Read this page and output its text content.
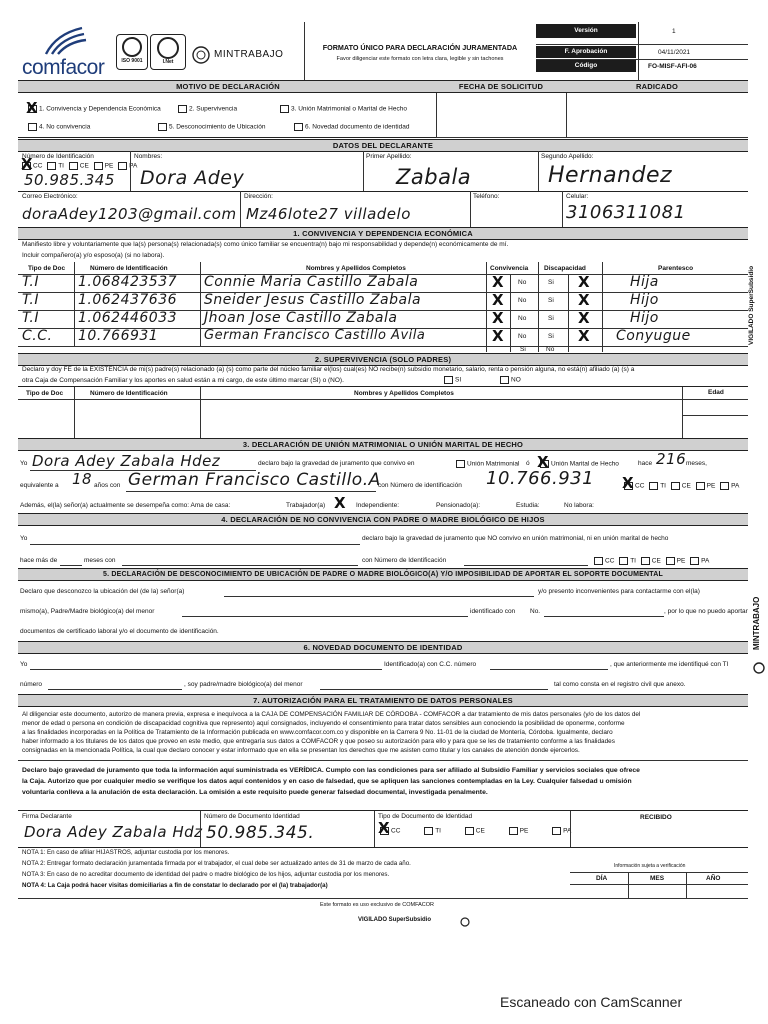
comfacor	ISO 9001	I.Net
MINTRABAJO
FORMATO ÚNICO PARA DECLARACIÓN JURAMENTADA
Favor diligenciar este formato con letra clara, legible y sin tachones
Versión	1
F. Aprobación	04/11/2021
Código	FO-MISF-AFI-06
MOTIVO DE DECLARACIÓN	FECHA DE SOLICITUD	RADICADO
1. Convivencia y Dependencia Económica
X	2. Supervivencia	3. Unión Matrimonial o Marital de Hecho
4. No convivencia	5. Desconocimiento de Ubicación	6. Novedad documento de identidad
DATOS DEL DECLARANTE
Número de Identificación
CC TI CE PE PA
X
50.985.345
Nombres:
Dora Adey
Primer Apellido:
Zabala
Segundo Apellido:
Hernandez
Correo Electrónico:
doraAdey1203@gmail.com
Dirección:
Mz46lote27 villadelo
Teléfono:	Celular:
3106311081
1. CONVIVENCIA Y DEPENDENCIA ECONÓMICA
Manifiesto libre y voluntariamente que la(s) persona(s) relacionada(s) como único familiar se encuentra(n) bajo mi responsabilidad y depende(n) económicamente de mí.
Incluir compañero(a) y/o esposo(a) (si no labora).
Tipo de Doc	Número de Identificación	Nombres y Apellidos Completos	Convivencia Discapacidad	Parentesco
T.I	1.068423537 Connie Maria Castillo Zabala	X No	Si X	Hija
T.I	1.062437636 Sneider Jesus Castillo Zabala	X No	Si X	Hijo
T.I	1.062446033 Jhoan Jose Castillo Zabala	X No	Si X	Hijo
C.C. 10.766931	German Francisco Castillo Avila	X No	Si X Conyugue
Si	No
2. SUPERVIVENCIA (SOLO PADRES)
Declaro y doy FE de la EXISTENCIA de mi(s) padre(s) relacionado (a) (s) como parte del núcleo familiar el(los) cual(es) NO recibe(n) subsidio monetario, salario, renta o pensión alguna, no está(n) afiliado (a) (s) a
otra Caja de Compensación Familiar y los aportes en salud están a mi cargo, de este último marcar (SI) o (NO).	SI	NO
Tipo de Doc	Número de Identificación	Nombres y Apellidos Completos	Edad
3. DECLARACIÓN DE UNIÓN MATRIMONIAL O UNIÓN MARITAL DE HECHO
Yo Dora Adey Zabala Hdez	declaro bajo la gravedad de juramento que convivo en	Unión Matrimonial ó	Unión Marital de Hecho
X	hace 216 meses,
equivalente a 18 años con German Francisco Castillo.A
con Número de identificación 10.766.931	CC TI CE PE PA
X
Además, el(la) señor(a) actualmente se desempeña como: Ama de casa:	Trabajador(a) X Independiente:	Pensionado(a):	Estudia:	No labora:
4. DECLARACIÓN DE NO CONVIVENCIA CON PADRE O MADRE BIOLÓGICO DE HIJOS
Yo	declaro bajo la gravedad de juramento que NO convivo en unión matrimonial, ni en unión marital de hecho
hace más de	meses con	con Número de Identificación	CC TI CE PE PA
5. DECLARACIÓN DE DESCONOCIMIENTO DE UBICACIÓN DE PADRE O MADRE BIOLÓGICO(A) Y/O IMPOSIBILIDAD DE APORTAR EL SOPORTE DOCUMENTAL
Declaro que desconozco la ubicación del (de la) señor(a)	y/o presento inconvenientes para contactarme con el(la)
mismo(a), Padre/Madre biológico(a) del menor	identificado con No.	, por lo que no puedo aportar
documentos de certificado laboral y/o el documento de identificación.
6. NOVEDAD DOCUMENTO DE IDENTIDAD
Yo	Identificado(a) con C.C. número	, que anteriormente me identifiqué con TI
número	, soy padre/madre biológico(a) del menor	tal como consta en el registro civil que anexo.
7. AUTORIZACIÓN PARA EL TRATAMIENTO DE DATOS PERSONALES
Al diligenciar este documento, autorizo de manera previa, expresa e inequívoca a la CAJA DE COMPENSACIÓN FAMILIAR DE CÓRDOBA - COMFACOR a dar tratamiento de mis datos personales (y/o de los datos del
menor de edad o persona en condición de discapacidad cognitiva que represento) aquí consignados, incluyendo el consentimiento para tratar datos sensibles aun conociendo la posibilidad de oponerme, conforme
a las finalidades incorporadas en la Política de Tratamiento de la Información publicada en www.comfacor.com.co y disponible en la Carrera 9 No. 11-01 de la ciudad de Montería, Córdoba. Igualmente, declaro
haber informado a los titulares de los datos que proveo en este medio, que entregaría sus datos a COMFACOR y que poseo su autorización para ello y para que se les de tratamiento conforme a las finalidades
consignadas en la mencionada Política, la cual que declaro conocer y estar informado que en ella se presentan los derechos que me asisten como titular y los canales de atención donde ejercerlos.
Declaro bajo gravedad de juramento que toda la información aquí suministrada es VERÍDICA. Cumplo con las condiciones para ser afiliado al Subsidio Familiar y servicios sociales que ofrece
la Caja. Autorizo que por cualquier medio se verifique los datos aquí contenidos y en caso de falsedad, que se apliquen las sanciones contempladas en la Ley. Cualquier falsedad u omisión
voluntaria conlleva a la anulación de esta declaración. La omisión a este requisito puede generar falsedad documental, investigada penalmente.
Firma Declarante
Dora Adey Zabala Hdz
Número de Documento Identidad
50.985.345.
Tipo de Documento de Identidad
CC	TI	CE	PE	PA
X
RECIBIDO
NOTA 1: En caso de afiliar HIJASTROS, adjuntar custodia por los menores.
NOTA 2: Entregar formato declaración juramentada firmada por el trabajador, el cual debe ser actualizado antes de 31 de marzo de cada año.
NOTA 3: En caso de no acreditar documento de identidad del padre o madre biológico de los hijos, adjuntar custodia por los menores.
NOTA 4: La Caja podrá hacer visitas domiciliarias a fin de constatar lo declarado por el (la) trabajador(a)
Información sujeta a verificación
DÍA	MES	AÑO
Este formato es uso exclusivo de COMFACOR
VIGILADO SuperSubsidio
VIGILADO SuperSubsidio
MINTRABAJO
Escaneado con CamScanner
